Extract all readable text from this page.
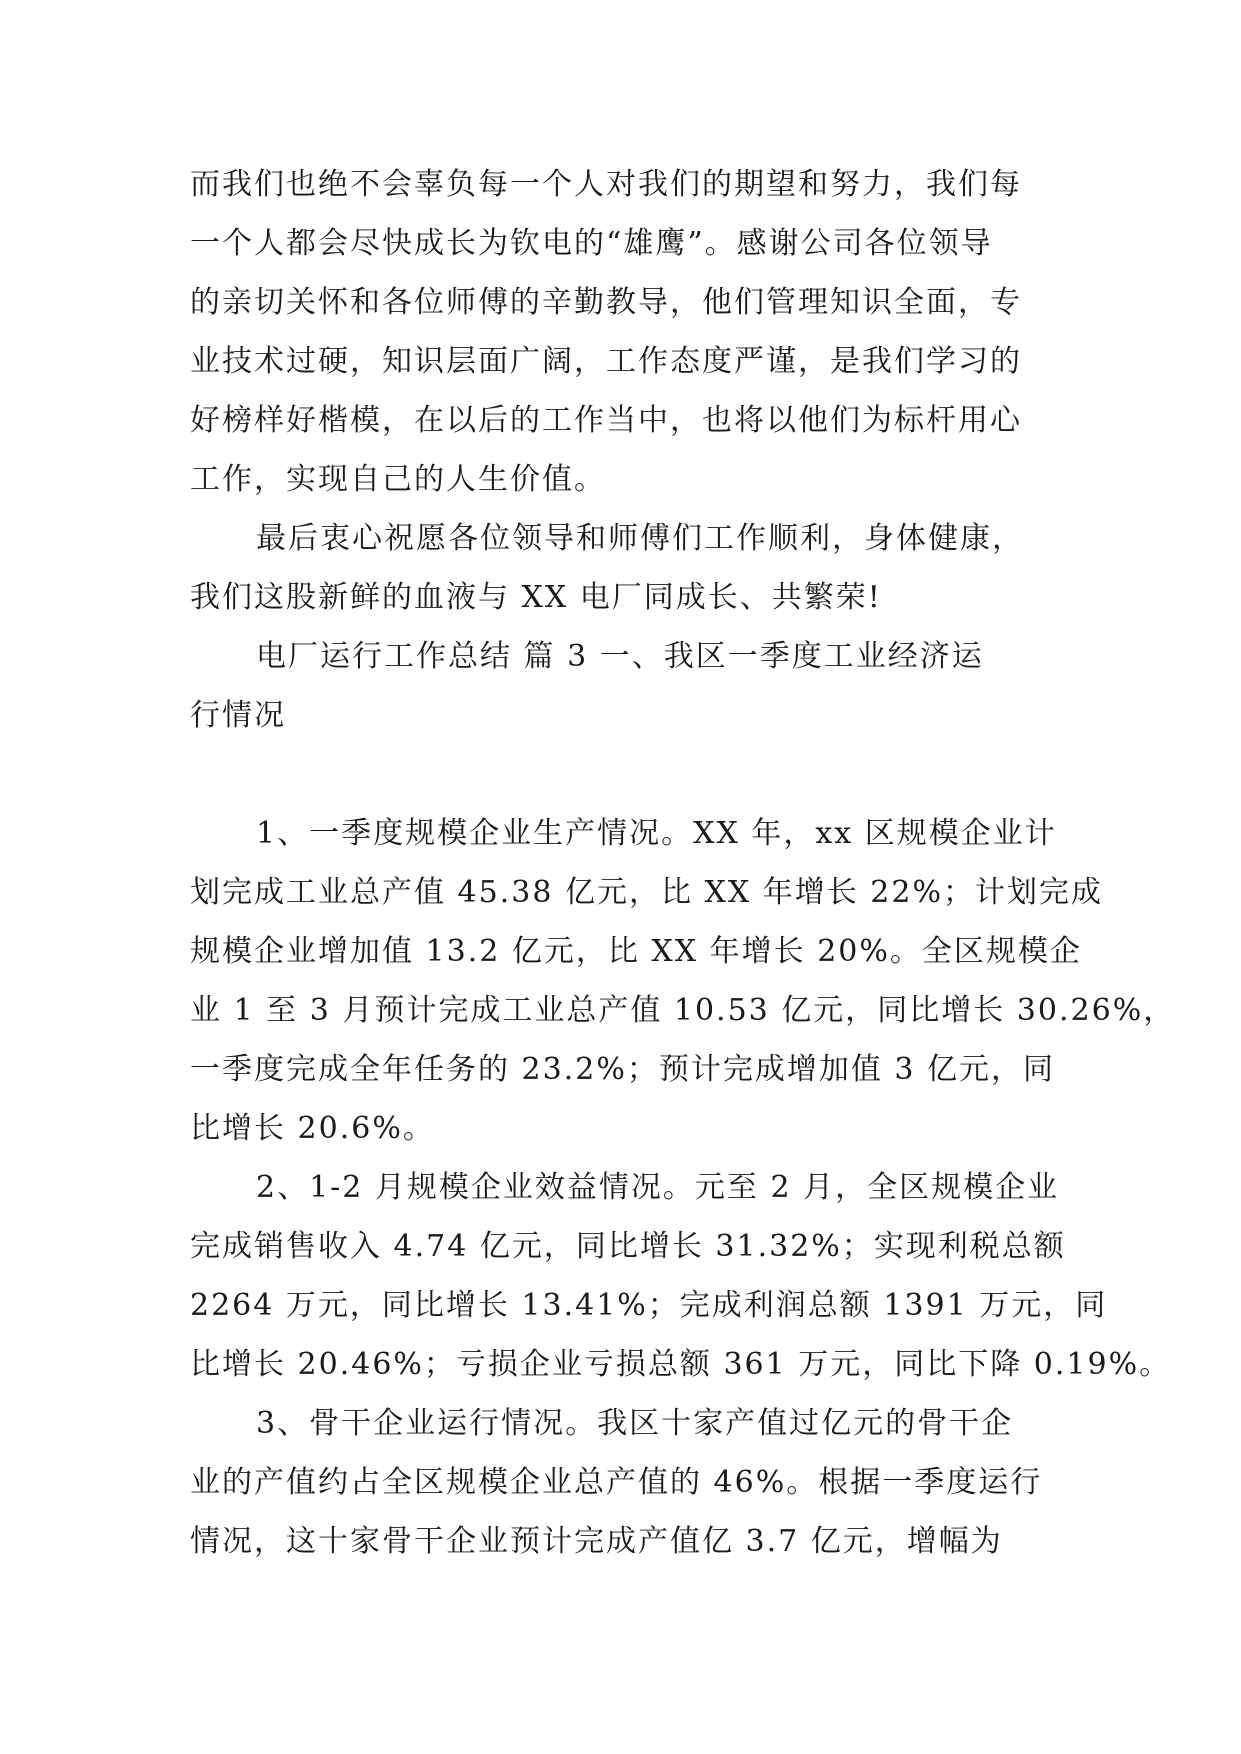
而我们也绝不会辜负每一个人对我们的期望和努力，我们每
一个人都会尽快成长为钦电的“雄鹰”。感谢公司各位领导
的亲切关怀和各位师傅的辛勤教导，他们管理知识全面，专
业技术过硬，知识层面广阔，工作态度严谨，是我们学习的
好榜样好楷模，在以后的工作当中，也将以他们为标杆用心
工作，实现自己的人生价值。
最后衷心祝愿各位领导和师傅们工作顺利，身体健康，
我们这股新鲜的血液与 XX 电厂同成长、共繁荣!
电厂运行工作总结 篇 3 一、我区一季度工业经济运
行情况
1、一季度规模企业生产情况。XX 年，xx 区规模企业计
划完成工业总产值 45.38 亿元，比 XX 年增长 22%；计划完成
规模企业增加值 13.2 亿元，比 XX 年增长 20%。全区规模企
业 1 至 3 月预计完成工业总产值 10.53 亿元，同比增长 30.26%，
一季度完成全年任务的 23.2%；预计完成增加值 3 亿元，同
比增长 20.6%。
2、1-2 月规模企业效益情况。元至 2 月，全区规模企业
完成销售收入 4.74 亿元，同比增长 31.32%；实现利税总额
2264 万元，同比增长 13.41%；完成利润总额 1391 万元，同
比增长 20.46%；亏损企业亏损总额 361 万元，同比下降 0.19%。
3、骨干企业运行情况。我区十家产值过亿元的骨干企
业的产值约占全区规模企业总产值的 46%。根据一季度运行
情况，这十家骨干企业预计完成产值亿 3.7 亿元，增幅为
